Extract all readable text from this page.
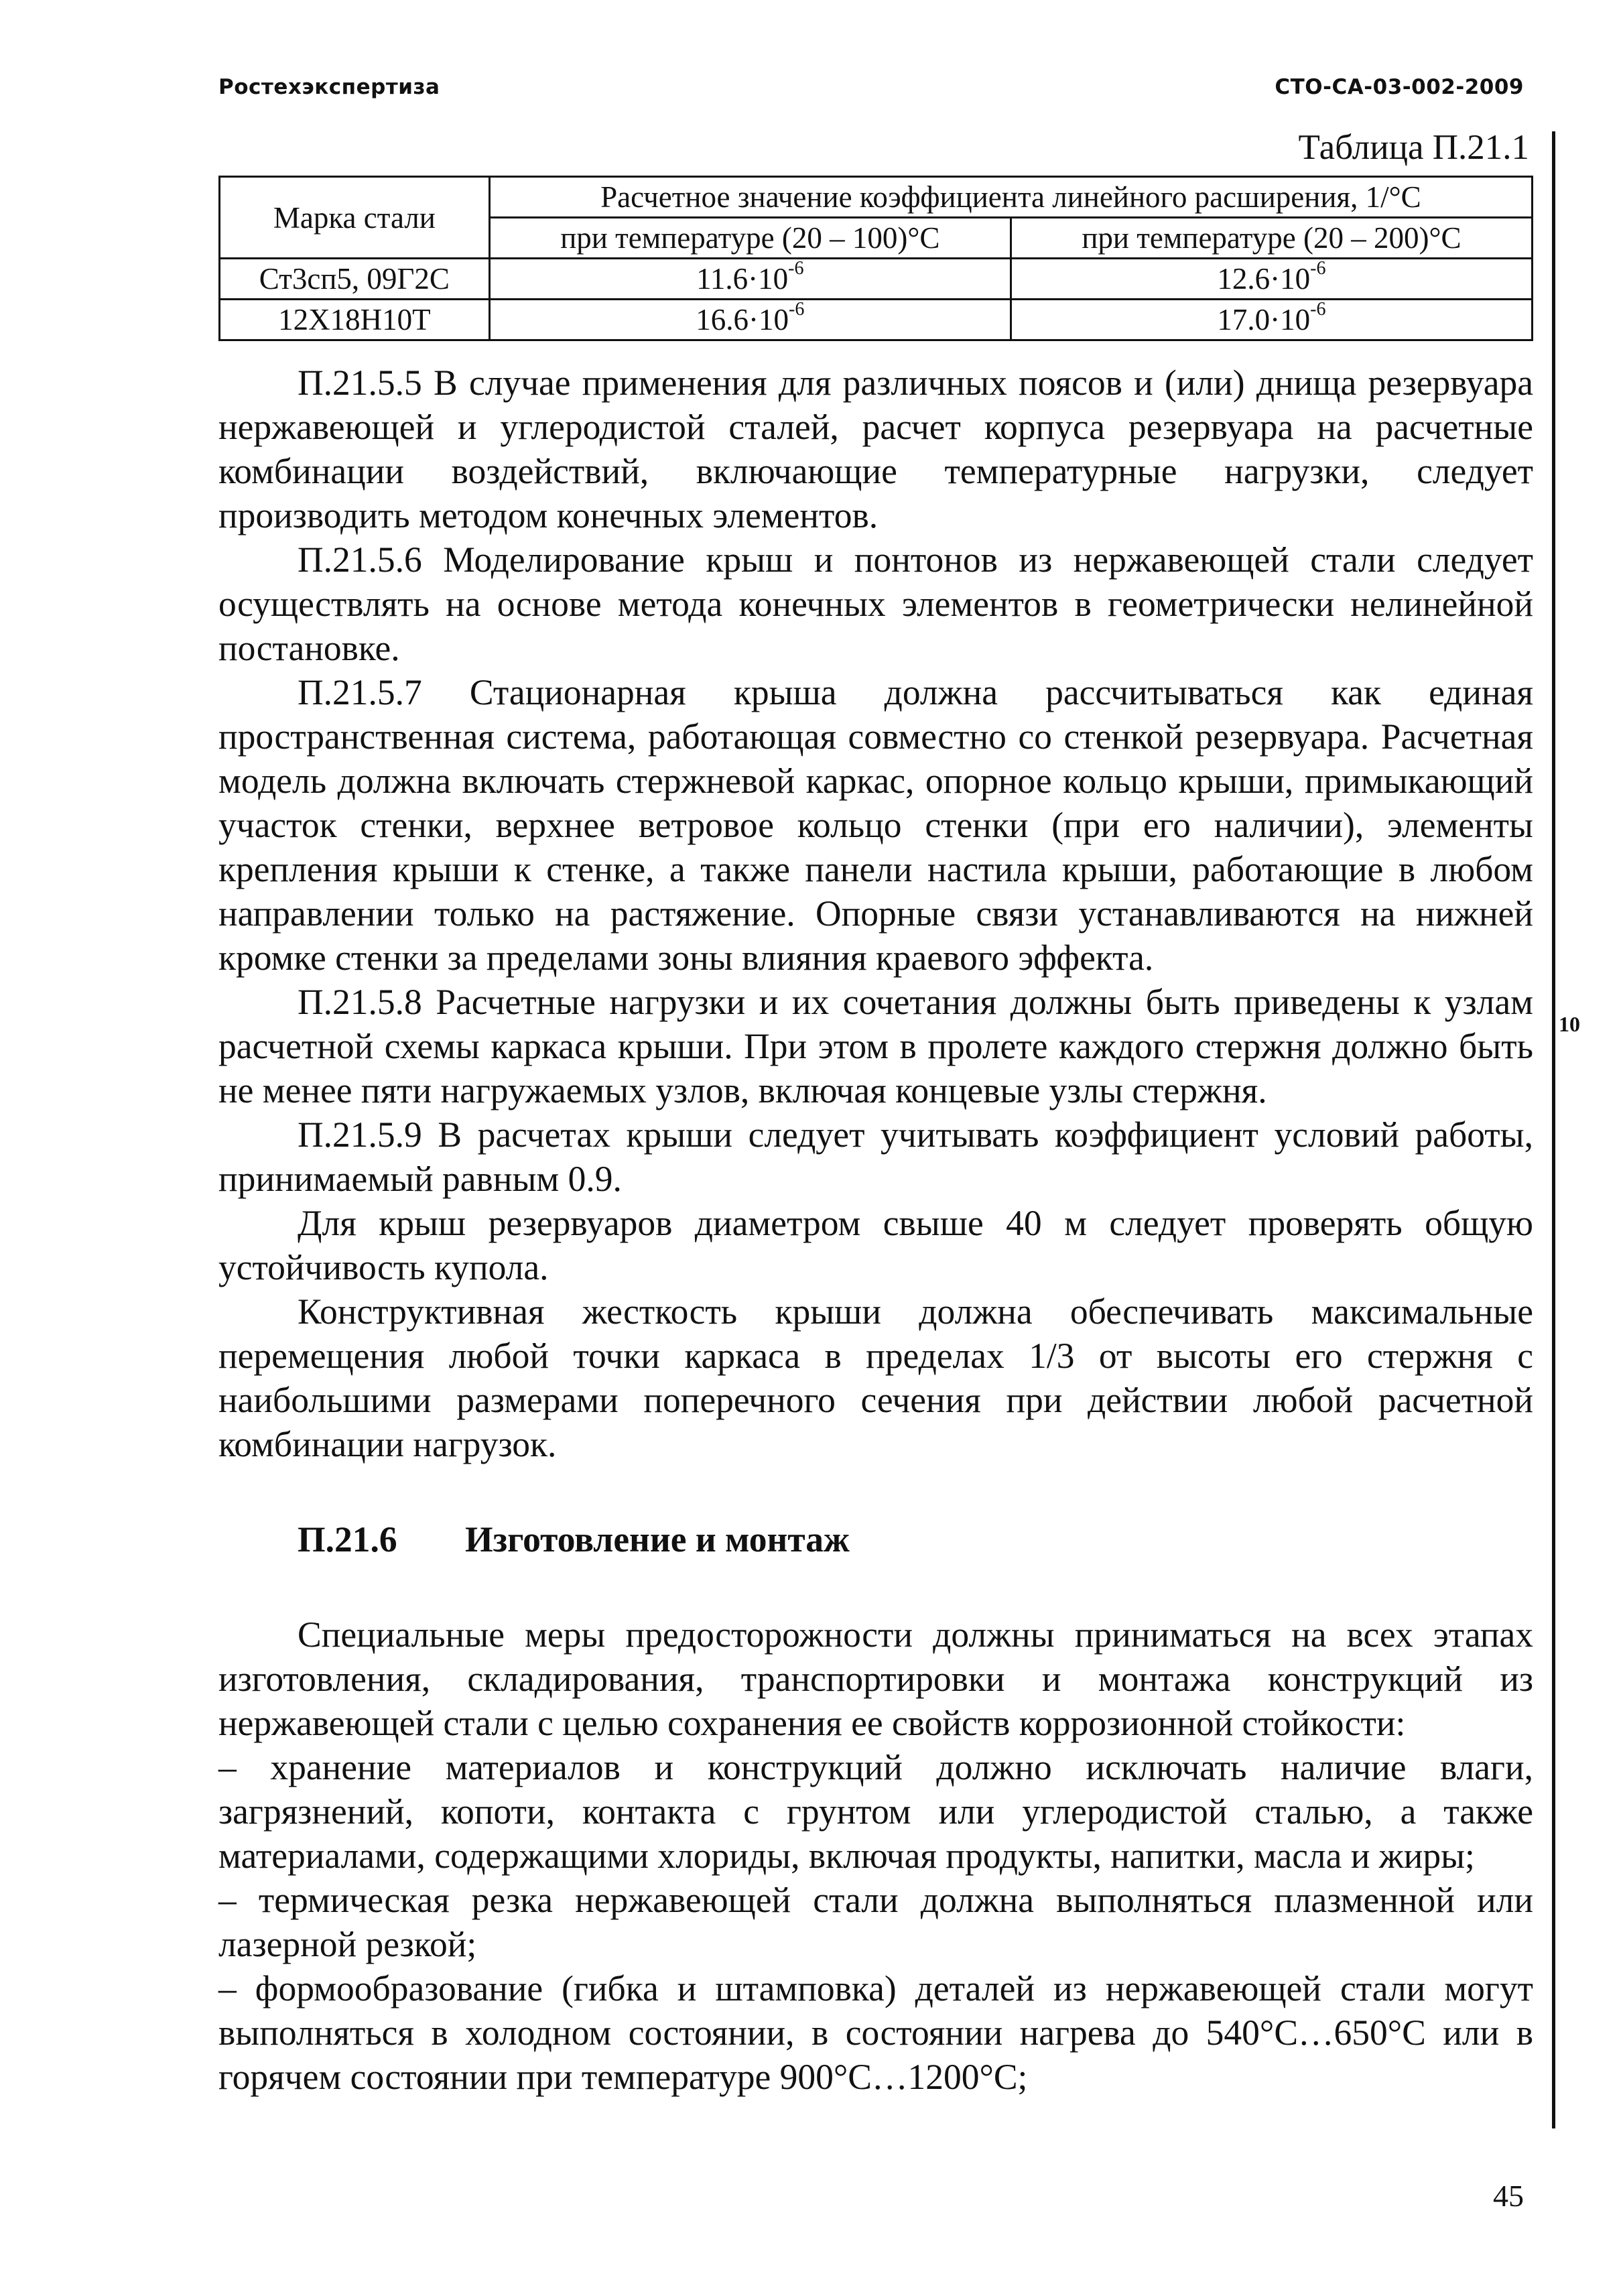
Ростехэкспертиза	СТО-СА-03-002-2009
Таблица П.21.1
Марка стали	Расчетное значение коэффициента линейного расширения, 1/°С	
	при температуре (20 – 100)°С	при температуре (20 – 200)°С
Ст3сп5, 09Г2С	$11.6\cdot 10^{-6}$	$12.6\cdot 10^{-6}$
12Х18Н10Т	$16.6\cdot 10^{-6}$	$17.0\cdot 10^{-6}$
10

П.21.5.5 В случае применения для различных поясов и (или) днища резервуара нержавеющей и углеродистой сталей, расчет корпуса резервуара на расчетные комбинации воздействий, включающие температурные нагрузки, следует производить методом конечных элементов.

П.21.5.6 Моделирование крыш и понтонов из нержавеющей стали следует осуществлять на основе метода конечных элементов в геометрически нелинейной постановке.

П.21.5.7 Стационарная крыша должна рассчитываться как единая пространственная система, работающая совместно со стенкой резервуара. Расчетная модель должна включать стержневой каркас, опорное кольцо крыши, примыкающий участок стенки, верхнее ветровое кольцо стенки (при его наличии), элементы крепления крыши к стенке, а также панели настила крыши, работающие в любом направлении только на растяжение. Опорные связи устанавливаются на нижней кромке стенки за пределами зоны влияния краевого эффекта.

П.21.5.8 Расчетные нагрузки и их сочетания должны быть приведены к узлам расчетной схемы каркаса крыши. При этом в пролете каждого стержня должно быть не менее пяти нагружаемых узлов, включая концевые узлы стержня.

П.21.5.9 В расчетах крыши следует учитывать коэффициент условий работы, принимаемый равным 0.9.

Для крыш резервуаров диаметром свыше 40 м следует проверять общую устойчивость купола.

Конструктивная жесткость крыши должна обеспечивать максимальные перемещения любой точки каркаса в пределах 1/3 от высоты его стержня с наибольшими размерами поперечного сечения при действии любой расчетной комбинации нагрузок.

П.21.6 Изготовление и монтаж

Специальные меры предосторожности должны приниматься на всех этапах изготовления, складирования, транспортировки и монтажа конструкций из нержавеющей стали с целью сохранения ее свойств коррозионной стойкости:

– хранение материалов и конструкций должно исключать наличие влаги, загрязнений, копоти, контакта с грунтом или углеродистой сталью, а также материалами, содержащими хлориды, включая продукты, напитки, масла и жиры;

– термическая резка нержавеющей стали должна выполняться плазменной или лазерной резкой;

– формообразование (гибка и штамповка) деталей из нержавеющей стали могут выполняться в холодном состоянии, в состоянии нагрева до 540°С…650°С или в горячем состоянии при температуре 900°С…1200°С;

45
